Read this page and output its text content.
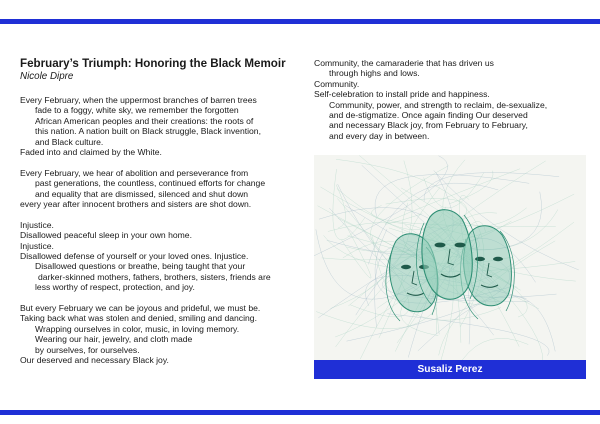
February’s Triumph: Honoring the Black Memoir
Nicole Dipre
Every February, when the uppermost branches of barren trees
fade to a foggy, white sky, we remember the forgotten
African American peoples and their creations: the roots of
this nation. A nation built on Black struggle, Black invention,
and Black culture.
Faded into and claimed by the White.
Every February, we hear of abolition and perseverance from
past generations, the countless, continued efforts for change
and equality that are dismissed, silenced and shut down
every year after innocent brothers and sisters are shot down.
Injustice.
Disallowed peaceful sleep in your own home.
Injustice.
Disallowed defense of yourself or your loved ones. Injustice.
Disallowed questions or breathe, being taught that your
darker-skinned mothers, fathers, brothers, sisters, friends are
less worthy of respect, protection, and joy.
But every February we can be joyous and prideful, we must be.
Taking back what was stolen and denied, smiling and dancing.
Wrapping ourselves in color, music, in loving memory.
Wearing our hair, jewelry, and cloth made
by ourselves, for ourselves.
Our deserved and necessary Black joy.
Community, the camaraderie that has driven us
through highs and lows.
Community.
Self-celebration to install pride and happiness.
Community, power, and strength to reclaim, de-sexualize,
and de-stigmatize. Once again finding Our deserved
and necessary Black joy, from February to February,
and every day in between.
Susaliz Perez
